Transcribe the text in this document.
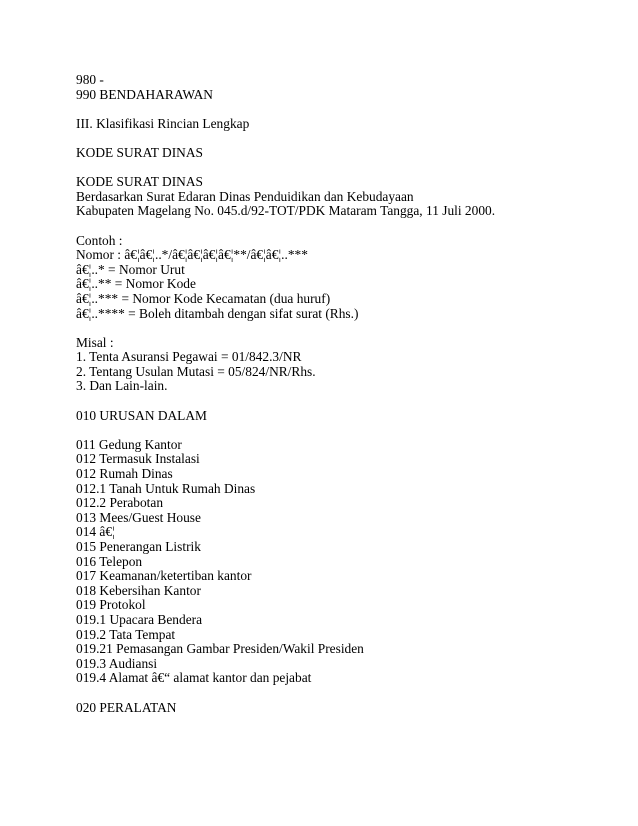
980 -
990 BENDAHARAWAN
III. Klasifikasi Rincian Lengkap
KODE SURAT DINAS
KODE SURAT DINAS
Berdasarkan Surat Edaran Dinas Penduidikan dan Kebudayaan
Kabupaten Magelang No. 045.d/92-TOT/PDK Mataram Tangga, 11 Juli 2000.
Contoh :
Nomor : â€¦â€¦..*/â€¦â€¦â€¦â€¦**/â€¦â€¦..***
â€¦..* = Nomor Urut
â€¦..** = Nomor Kode
â€¦..*** = Nomor Kode Kecamatan (dua huruf)
â€¦..**** = Boleh ditambah dengan sifat surat (Rhs.)
Misal :
1. Tenta Asuransi Pegawai = 01/842.3/NR
2. Tentang Usulan Mutasi = 05/824/NR/Rhs.
3. Dan Lain-lain.
010 URUSAN DALAM
011 Gedung Kantor
012 Termasuk Instalasi
012 Rumah Dinas
012.1 Tanah Untuk Rumah Dinas
012.2 Perabotan
013 Mees/Guest House
014 â€¦
015 Penerangan Listrik
016 Telepon
017 Keamanan/ketertiban kantor
018 Kebersihan Kantor
019 Protokol
019.1 Upacara Bendera
019.2 Tata Tempat
019.21 Pemasangan Gambar Presiden/Wakil Presiden
019.3 Audiansi
019.4 Alamat â€“ alamat kantor dan pejabat
020 PERALATAN
